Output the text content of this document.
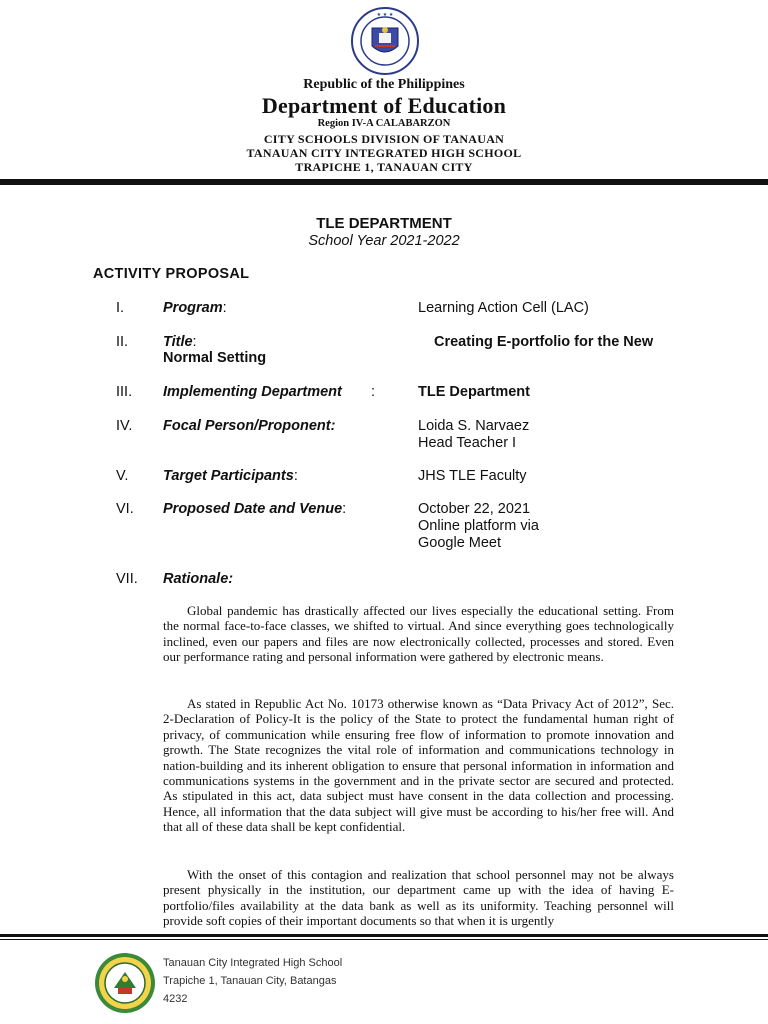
★ ★ ★
Republic of the Philippines
Department of Education
Region IV-A CALABARZON
CITY SCHOOLS DIVISION OF TANAUAN
TANAUAN CITY INTEGRATED HIGH SCHOOL
TRAPICHE 1, TANAUAN CITY
TLE DEPARTMENT
School Year 2021-2022
ACTIVITY PROPOSAL
I.	Program:	Learning Action Cell (LAC)
II. Title:	Creating E-portfolio for the New
Normal Setting
III. Implementing Department :	TLE Department
IV. Focal Person/Proponent:	Loida S. Narvaez
Head Teacher I
V. Target Participants:	JHS TLE Faculty
VI. Proposed Date and Venue:	October 22, 2021
Online platform via
Google Meet
VII. Rationale:
Global pandemic has drastically affected our lives especially the educational setting. From the normal face-to-face classes, we shifted to virtual. And since everything goes technologically inclined, even our papers and files are now electronically collected, processes and stored. Even our performance rating and personal information were gathered by electronic means.
As stated in Republic Act No. 10173 otherwise known as “Data Privacy Act of 2012”, Sec. 2-Declaration of Policy-It is the policy of the State to protect the fundamental human right of privacy, of communication while ensuring free flow of information to promote innovation and growth. The State recognizes the vital role of information and communications technology in nation-building and its inherent obligation to ensure that personal information in information and communications systems in the government and in the private sector are secured and protected. As stipulated in this act, data subject must have consent in the data collection and processing. Hence, all information that the data subject will give must be according to his/her free will. And that all of these data shall be kept confidential.
With the onset of this contagion and realization that school personnel may not be always present physically in the institution, our department came up with the idea of having E-portfolio/files availability at the data bank as well as its uniformity. Teaching personnel will provide soft copies of their important documents so that when it is urgently
Tanauan City Integrated High School
Trapiche 1, Tanauan City, Batangas
4232
